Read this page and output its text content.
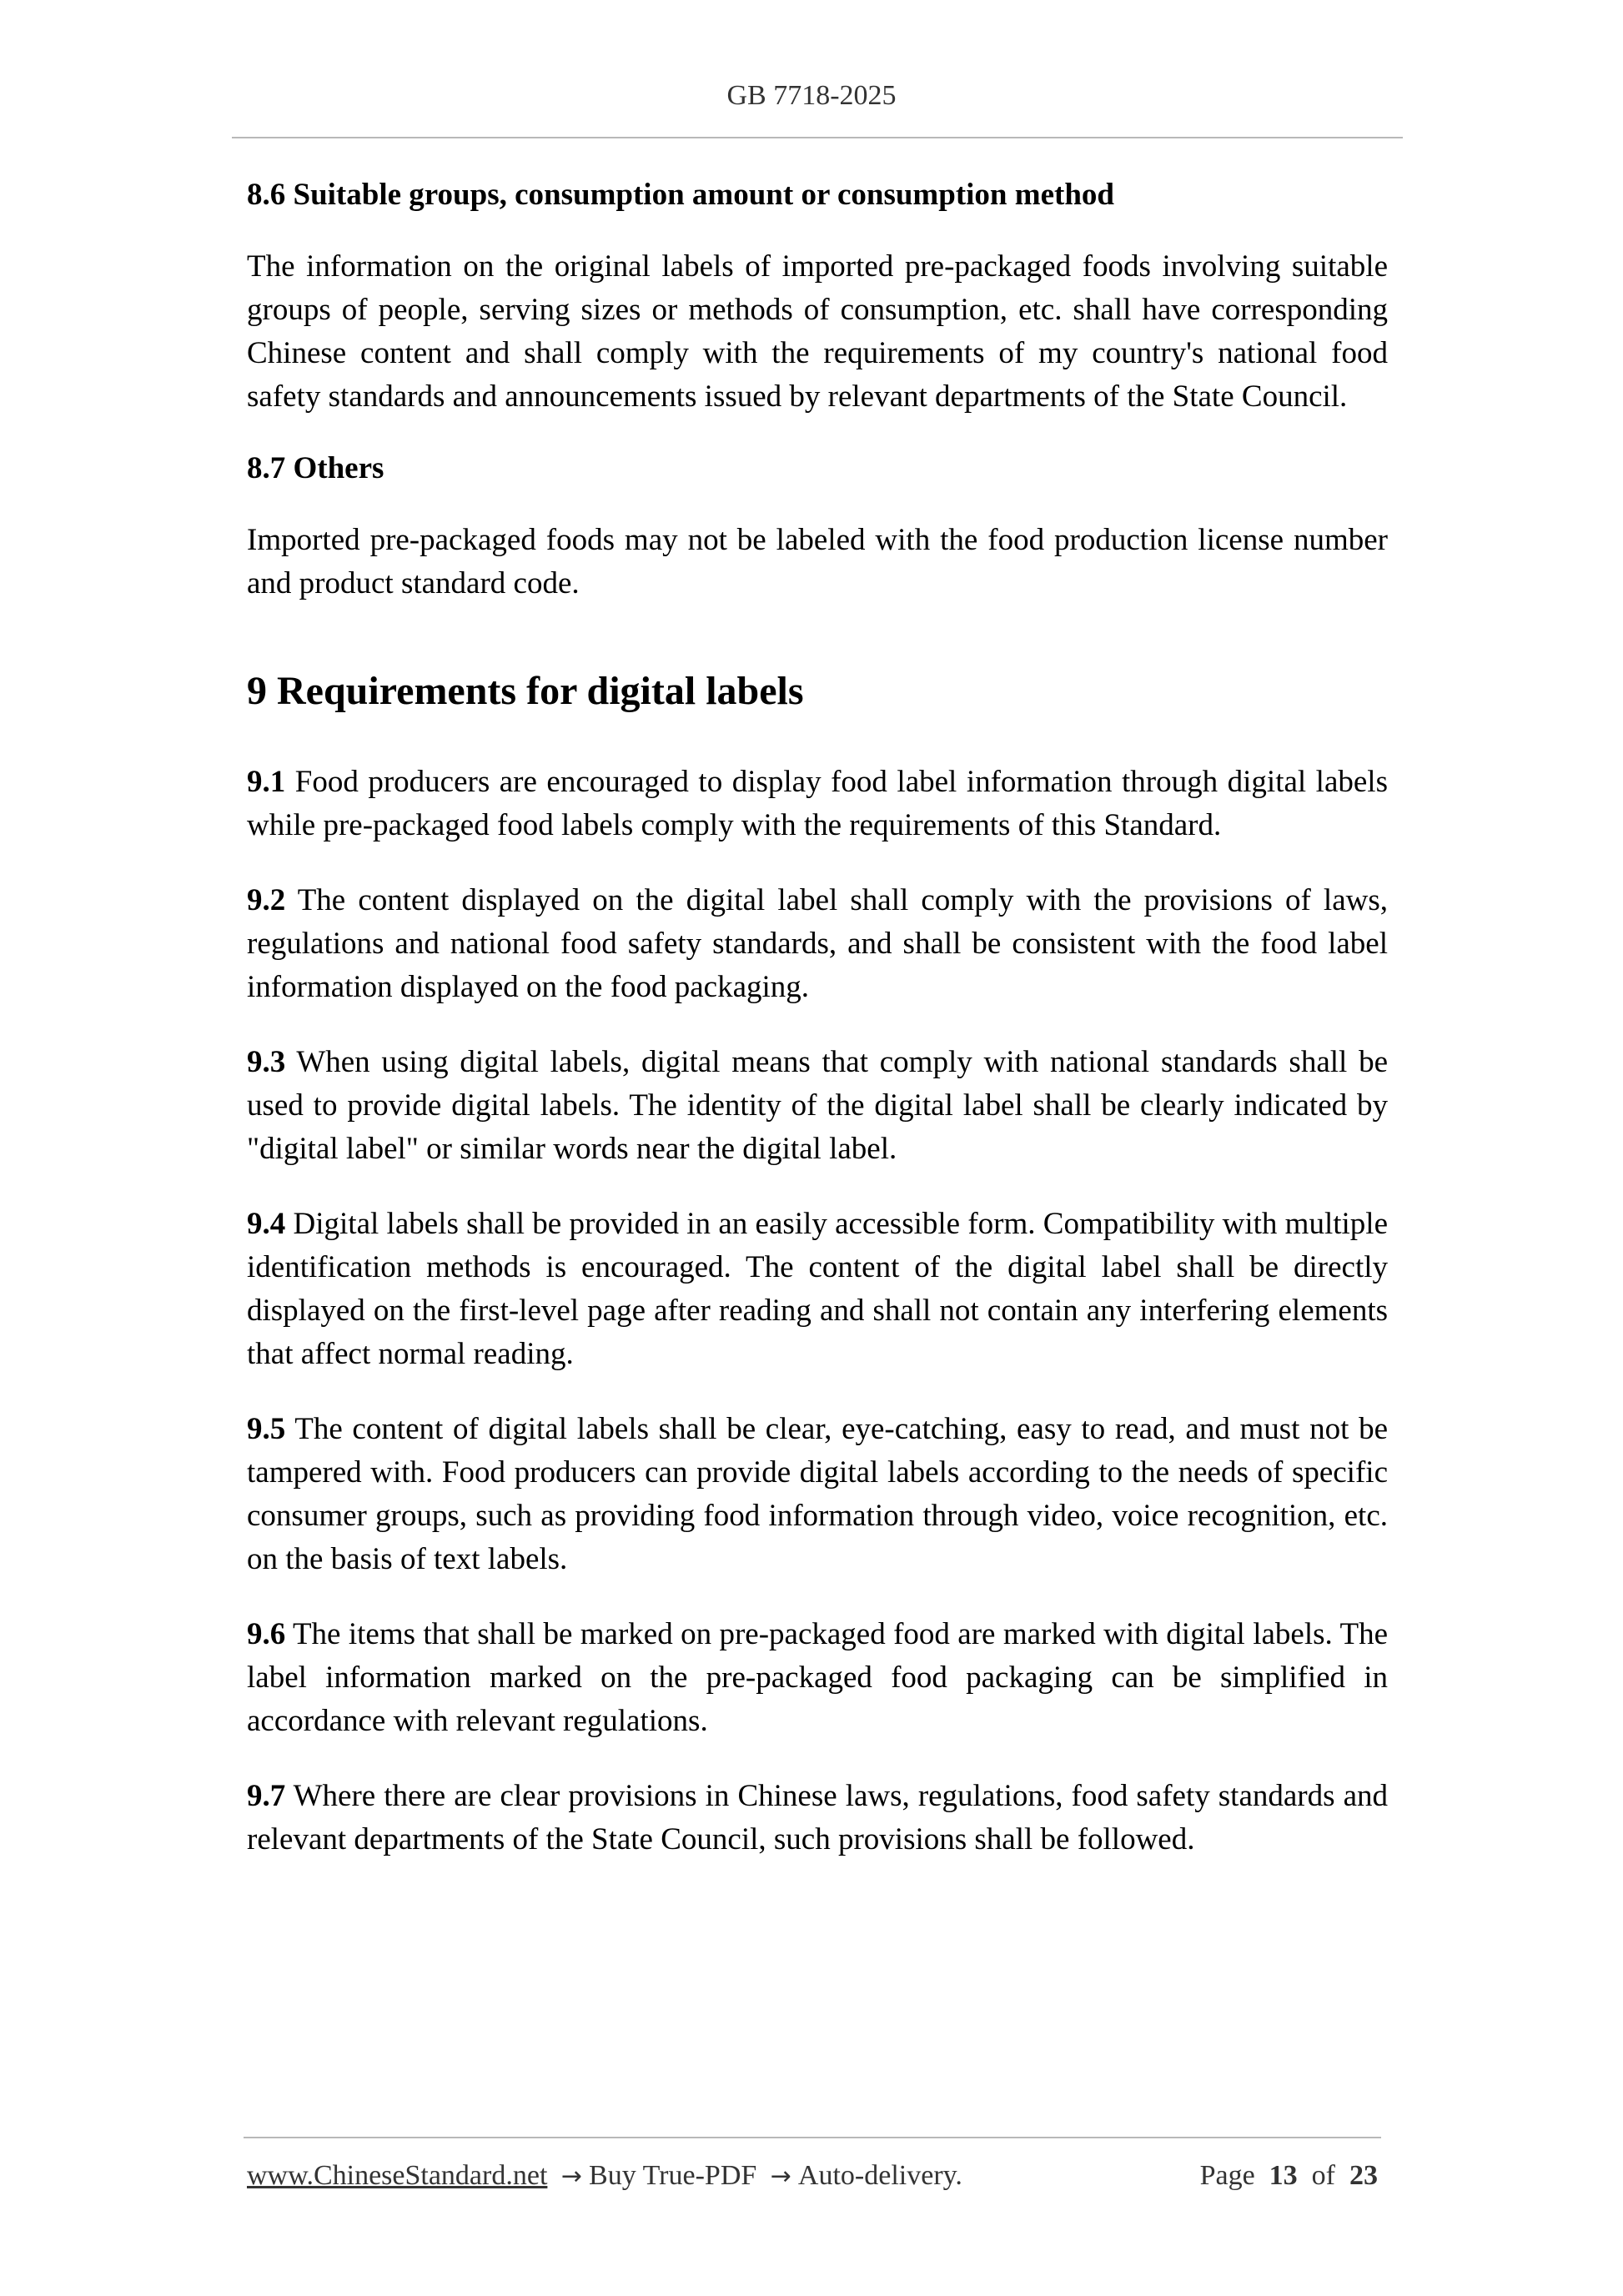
GB 7718-2025

8.6 Suitable groups, consumption amount or consumption method

The information on the original labels of imported pre-packaged foods involving suitable groups of people, serving sizes or methods of consumption, etc. shall have corresponding Chinese content and shall comply with the requirements of my country's national food safety standards and announcements issued by relevant departments of the State Council.

8.7 Others

Imported pre-packaged foods may not be labeled with the food production license number and product standard code.

9 Requirements for digital labels

9.1 Food producers are encouraged to display food label information through digital labels while pre-packaged food labels comply with the requirements of this Standard.

9.2 The content displayed on the digital label shall comply with the provisions of laws, regulations and national food safety standards, and shall be consistent with the food label information displayed on the food packaging.

9.3 When using digital labels, digital means that comply with national standards shall be used to provide digital labels. The identity of the digital label shall be clearly indicated by "digital label" or similar words near the digital label.

9.4 Digital labels shall be provided in an easily accessible form. Compatibility with multiple identification methods is encouraged. The content of the digital label shall be directly displayed on the first-level page after reading and shall not contain any interfering elements that affect normal reading.

9.5 The content of digital labels shall be clear, eye-catching, easy to read, and must not be tampered with. Food producers can provide digital labels according to the needs of specific consumer groups, such as providing food information through video, voice recognition, etc. on the basis of text labels.

9.6 The items that shall be marked on pre-packaged food are marked with digital labels. The label information marked on the pre-packaged food packaging can be simplified in accordance with relevant regulations.

9.7 Where there are clear provisions in Chinese laws, regulations, food safety standards and relevant departments of the State Council, such provisions shall be followed.

www.ChineseStandard.net → Buy True-PDF → Auto-delivery.	Page 13 of 23
